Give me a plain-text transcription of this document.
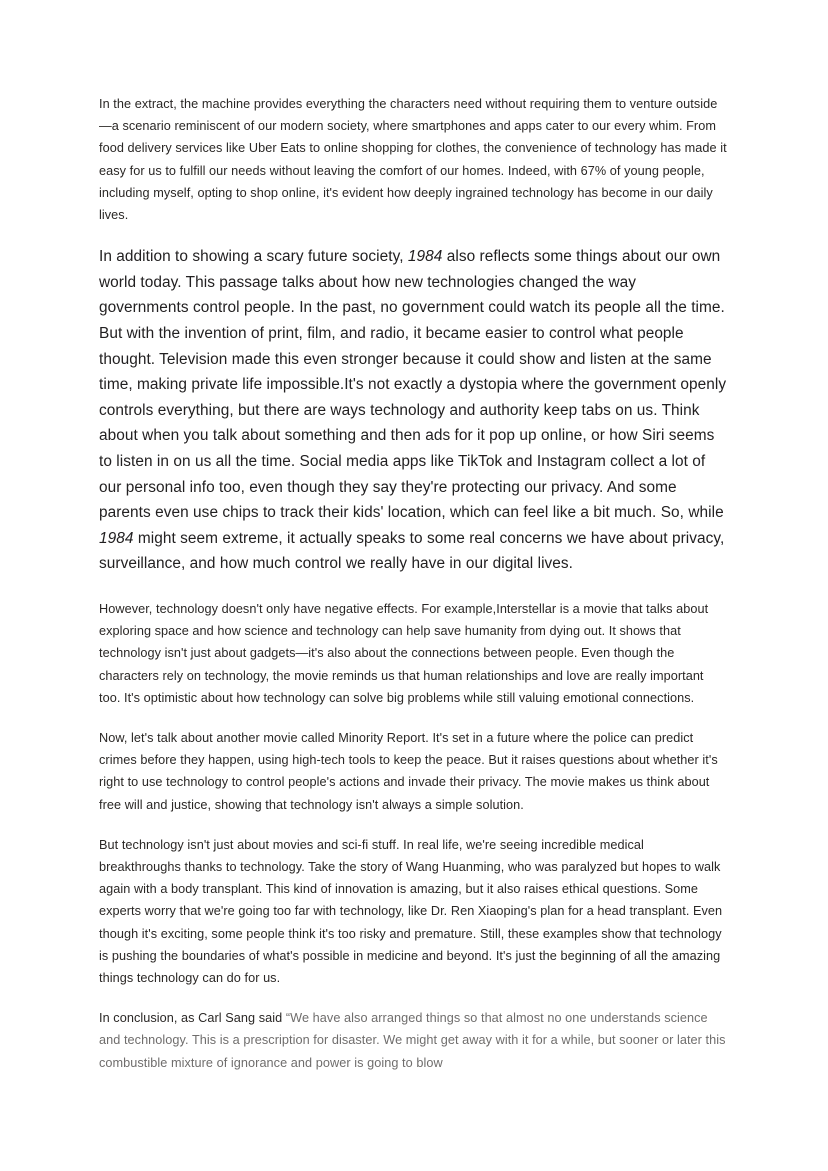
In the extract, the machine provides everything the characters need without requiring them to venture outside—a scenario reminiscent of our modern society, where smartphones and apps cater to our every whim. From food delivery services like Uber Eats to online shopping for clothes, the convenience of technology has made it easy for us to fulfill our needs without leaving the comfort of our homes. Indeed, with 67% of young people, including myself, opting to shop online, it's evident how deeply ingrained technology has become in our daily lives.

In addition to showing a scary future society, 1984 also reflects some things about our own world today. This passage talks about how new technologies changed the way governments control people. In the past, no government could watch its people all the time. But with the invention of print, film, and radio, it became easier to control what people thought. Television made this even stronger because it could show and listen at the same time, making private life impossible.It's not exactly a dystopia where the government openly controls everything, but there are ways technology and authority keep tabs on us. Think about when you talk about something and then ads for it pop up online, or how Siri seems to listen in on us all the time. Social media apps like TikTok and Instagram collect a lot of our personal info too, even though they say they're protecting our privacy. And some parents even use chips to track their kids' location, which can feel like a bit much. So, while 1984 might seem extreme, it actually speaks to some real concerns we have about privacy, surveillance, and how much control we really have in our digital lives.

However, technology doesn't only have negative effects. For example,Interstellar is a movie that talks about exploring space and how science and technology can help save humanity from dying out. It shows that technology isn't just about gadgets—it's also about the connections between people. Even though the characters rely on technology, the movie reminds us that human relationships and love are really important too. It's optimistic about how technology can solve big problems while still valuing emotional connections.

Now, let's talk about another movie called Minority Report. It's set in a future where the police can predict crimes before they happen, using high-tech tools to keep the peace. But it raises questions about whether it's right to use technology to control people's actions and invade their privacy. The movie makes us think about free will and justice, showing that technology isn't always a simple solution.

But technology isn't just about movies and sci-fi stuff. In real life, we're seeing incredible medical breakthroughs thanks to technology. Take the story of Wang Huanming, who was paralyzed but hopes to walk again with a body transplant. This kind of innovation is amazing, but it also raises ethical questions. Some experts worry that we're going too far with technology, like Dr. Ren Xiaoping's plan for a head transplant. Even though it's exciting, some people think it's too risky and premature. Still, these examples show that technology is pushing the boundaries of what's possible in medicine and beyond. It's just the beginning of all the amazing things technology can do for us.

In conclusion, as Carl Sang said “We have also arranged things so that almost no one understands science and technology. This is a prescription for disaster. We might get away with it for a while, but sooner or later this combustible mixture of ignorance and power is going to blow
